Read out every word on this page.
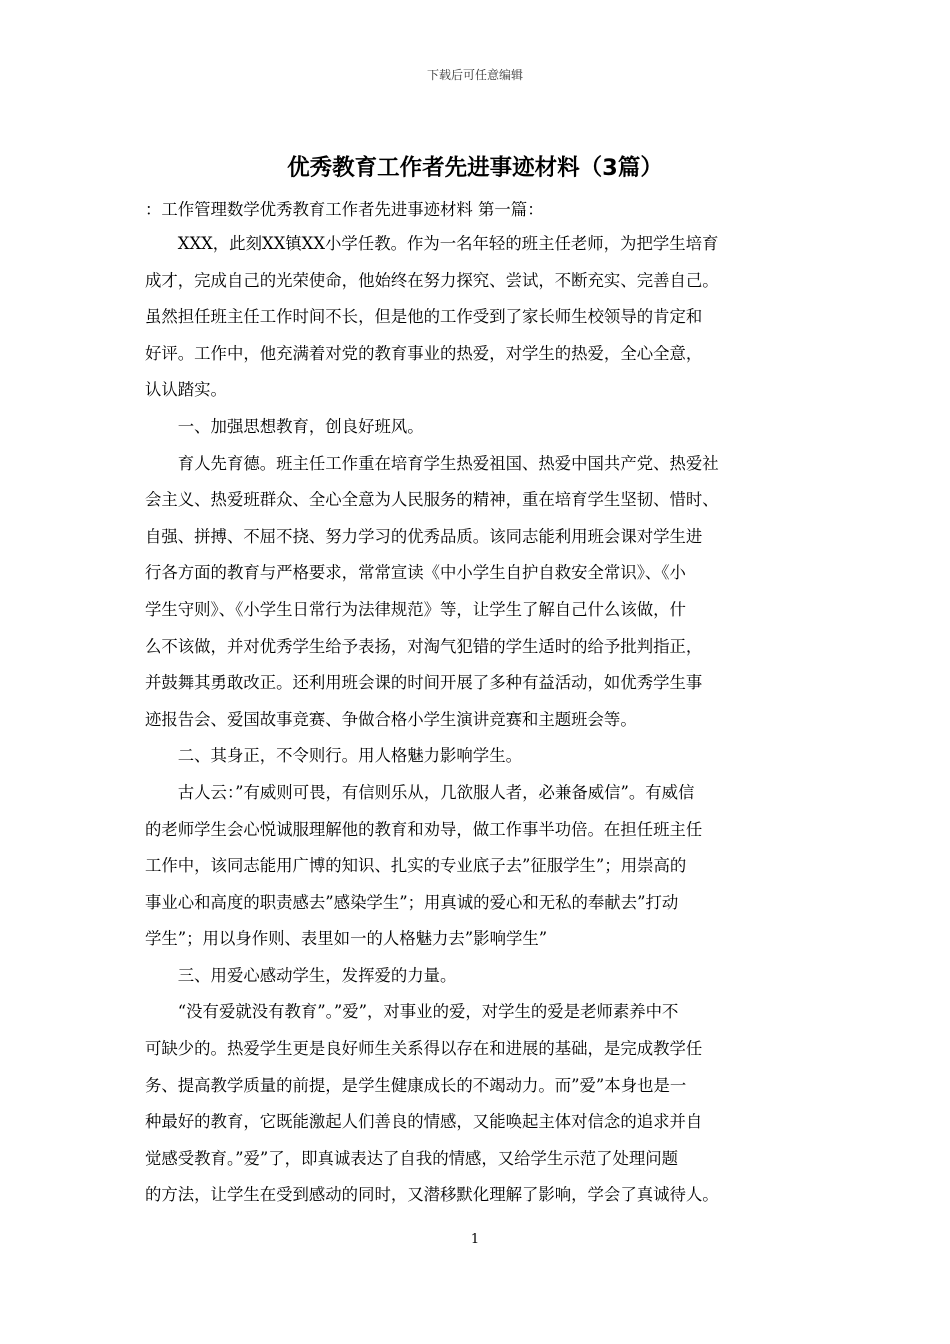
下载后可任意编辑
优秀教育工作者先进事迹材料（3篇）
：工作管理数学优秀教育工作者先进事迹材料 第一篇：
　　XXX，此刻XX镇XX小学任教。作为一名年轻的班主任老师，为把学生培育
成才，完成自己的光荣使命，他始终在努力探究、尝试，不断充实、完善自己。
虽然担任班主任工作时间不长，但是他的工作受到了家长师生校领导的肯定和
好评。工作中，他充满着对党的教育事业的热爱，对学生的热爱，全心全意，
认认踏实。
　　一、加强思想教育，创良好班风。
　　育人先育德。班主任工作重在培育学生热爱祖国、热爱中国共产党、热爱社
会主义、热爱班群众、全心全意为人民服务的精神，重在培育学生坚韧、惜时、
自强、拼搏、不屈不挠、努力学习的优秀品质。该同志能利用班会课对学生进
行各方面的教育与严格要求，常常宣读《中小学生自护自救安全常识》、《小
学生守则》、《小学生日常行为法律规范》等，让学生了解自己什么该做，什
么不该做，并对优秀学生给予表扬，对淘气犯错的学生适时的给予批判指正，
并鼓舞其勇敢改正。还利用班会课的时间开展了多种有益活动，如优秀学生事
迹报告会、爱国故事竞赛、争做合格小学生演讲竞赛和主题班会等。
　　二、其身正，不令则行。用人格魅力影响学生。
　　古人云：”有威则可畏，有信则乐从，几欲服人者，必兼备威信”。有威信
的老师学生会心悦诚服理解他的教育和劝导，做工作事半功倍。在担任班主任
工作中，该同志能用广博的知识、扎实的专业底子去”征服学生”；用崇高的
事业心和高度的职责感去”感染学生”；用真诚的爱心和无私的奉献去”打动
学生”；用以身作则、表里如一的人格魅力去”影响学生”
　　三、用爱心感动学生，发挥爱的力量。
　　“没有爱就没有教育”。”爱”，对事业的爱，对学生的爱是老师素养中不
可缺少的。热爱学生更是良好师生关系得以存在和进展的基础，是完成教学任
务、提高教学质量的前提，是学生健康成长的不竭动力。而”爱”本身也是一
种最好的教育，它既能激起人们善良的情感，又能唤起主体对信念的追求并自
觉感受教育。”爱”了，即真诚表达了自我的情感，又给学生示范了处理问题
的方法，让学生在受到感动的同时，又潜移默化理解了影响，学会了真诚待人。
1
